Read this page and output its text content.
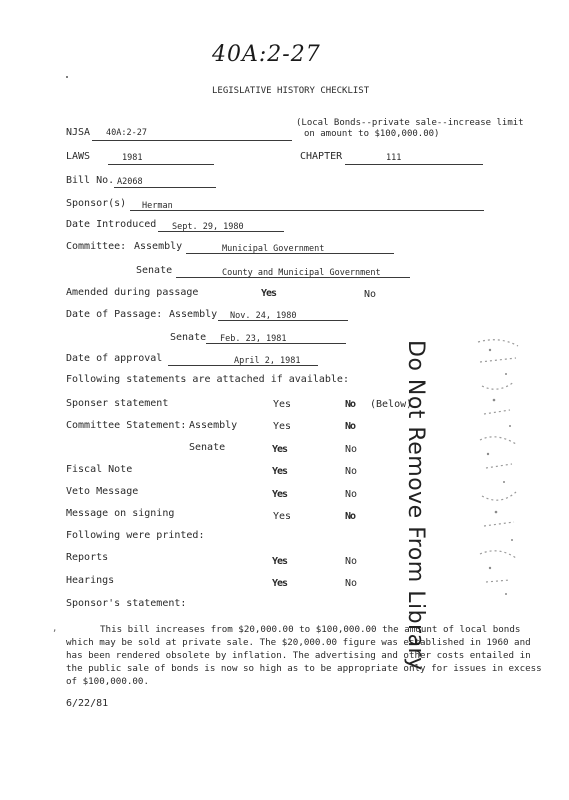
40A:2-27
LEGISLATIVE HISTORY CHECKLIST
(Local Bonds--private sale--increase limit
on amount to $100,000.00)
NJSA 40A:2-27
LAWS	1981	CHAPTER	111
Bill No. A2068
Sponsor(s) Herman
Date Introduced Sept. 29, 1980
Committee: Assembly	Municipal Government
Senate	County and Municipal Government
Amended during passage	Yes	No
Date of Passage: Assembly Nov. 24, 1980
Senate Feb. 23, 1981
Date of approval	April 2, 1981
Following statements are attached if available:
Sponser statement	Yes	No (Below)
Committee Statement: Assembly	Yes	No
Senate	Yes	No
Fiscal Note	Yes	No
Veto Message	Yes	No
Message on signing	Yes	No
Following were printed:
Reports	Yes	No
Hearings	Yes	No
Sponsor's statement:
,	This bill increases from $20,000.00 to $100,000.00 the amount of local bonds which may be sold at private sale. The $20,000.00 figure was established in 1960 and has been rendered obsolete by inflation. The advertising and other costs entailed in the public sale of bonds is now so high as to be appropriate only for issues in excess of $100,000.00.

6/22/81
Do Not Remove From Library
